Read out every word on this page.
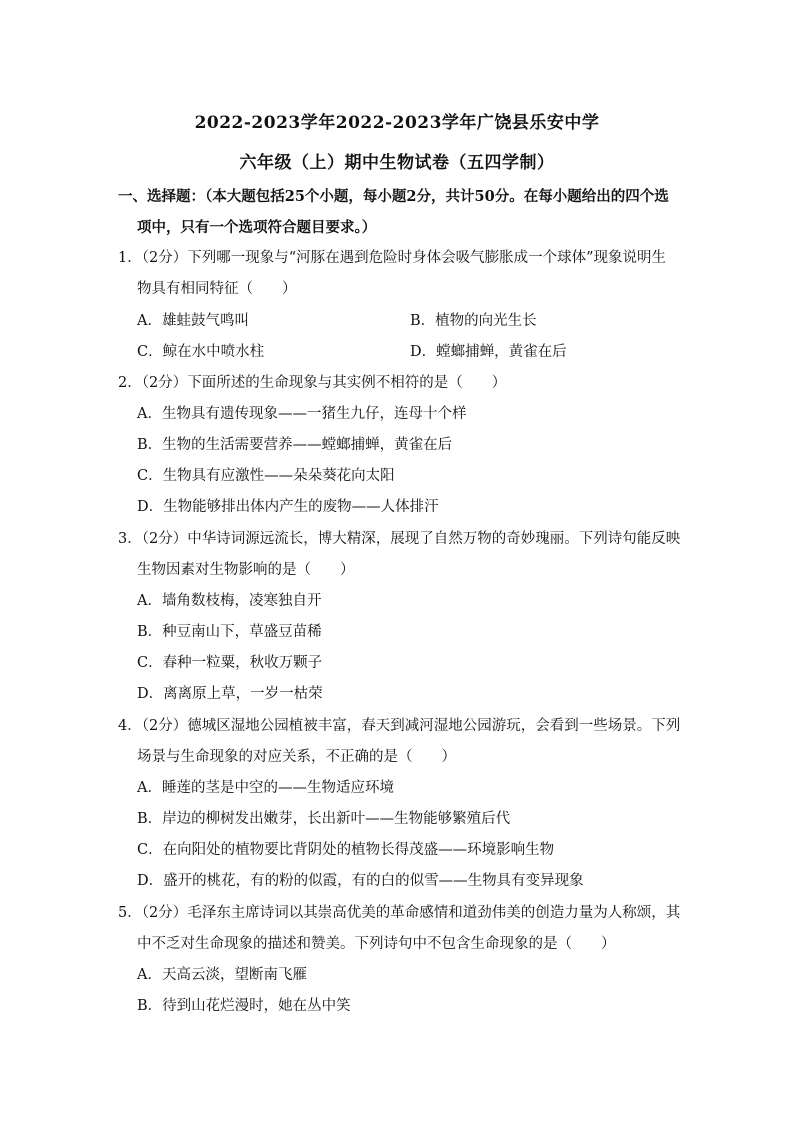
2022-2023学年2022-2023学年广饶县乐安中学
六年级（上）期中生物试卷（五四学制）
一、选择题：（本大题包括25个小题，每小题2分，共计50分。在每小题给出的四个选
项中，只有一个选项符合题目要求。）
1．（2分）下列哪一现象与“河豚在遇到危险时身体会吸气膨胀成一个球体”现象说明生
物具有相同特征（　　）
A．雄蛙鼓气鸣叫	B．植物的向光生长
C．鲸在水中喷水柱	D．螳螂捕蝉，黄雀在后
2．（2分）下面所述的生命现象与其实例不相符的是（　　）
A．生物具有遗传现象——一猪生九仔，连母十个样
B．生物的生活需要营养——螳螂捕蝉，黄雀在后
C．生物具有应激性——朵朵葵花向太阳
D．生物能够排出体内产生的废物——人体排汗
3．（2分）中华诗词源远流长，博大精深，展现了自然万物的奇妙瑰丽。下列诗句能反映
生物因素对生物影响的是（　　）
A．墙角数枝梅，凌寒独自开
B．种豆南山下，草盛豆苗稀
C．春种一粒粟，秋收万颗子
D．离离原上草，一岁一枯荣
4．（2分）德城区湿地公园植被丰富，春天到减河湿地公园游玩，会看到一些场景。下列
场景与生命现象的对应关系，不正确的是（　　）
A．睡莲的茎是中空的——生物适应环境
B．岸边的柳树发出嫩芽，长出新叶——生物能够繁殖后代
C．在向阳处的植物要比背阴处的植物长得茂盛——环境影响生物
D．盛开的桃花，有的粉的似霞，有的白的似雪——生物具有变异现象
5．（2分）毛泽东主席诗词以其崇高优美的革命感情和道劲伟美的创造力量为人称颂，其
中不乏对生命现象的描述和赞美。下列诗句中不包含生命现象的是（　　）
A．天高云淡，望断南飞雁
B．待到山花烂漫时，她在丛中笑
